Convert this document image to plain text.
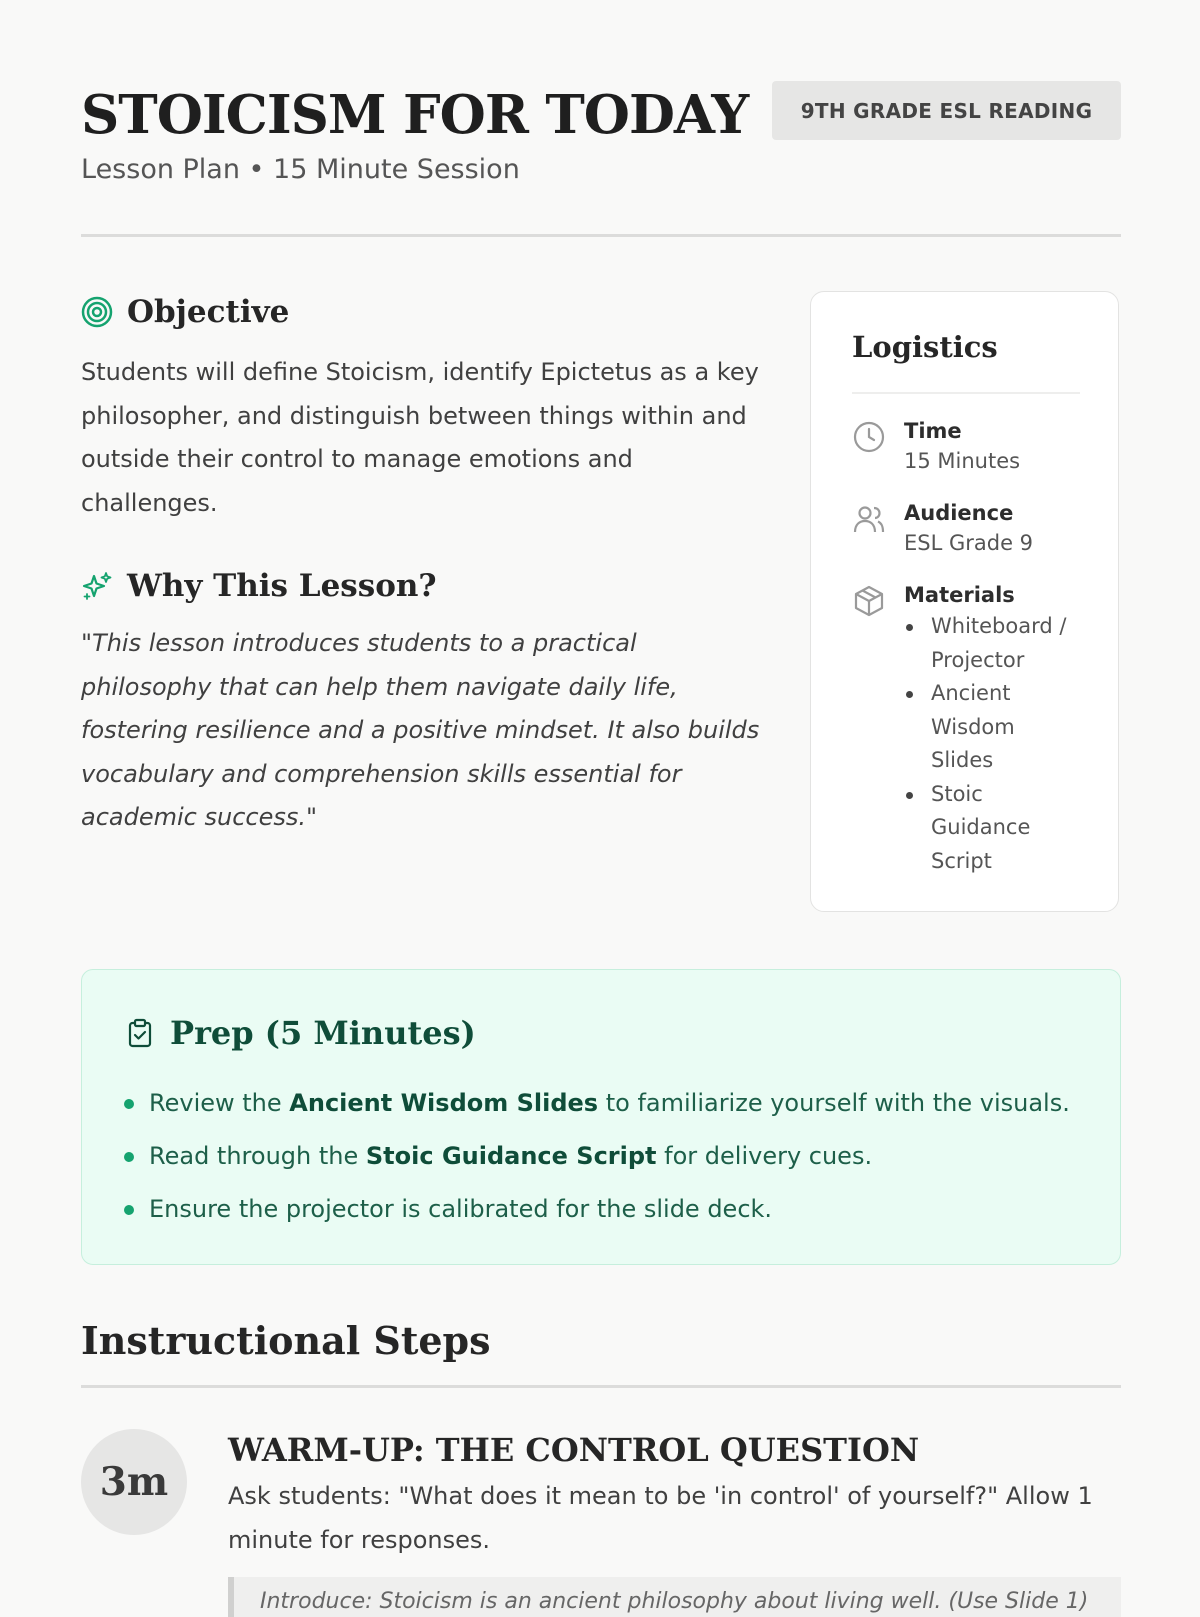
STOICISM FOR TODAY
Lesson Plan • 15 Minute Session
9TH GRADE ESL READING
Objective

Students will define Stoicism, identify Epictetus as a key philosopher, and distinguish between things within and outside their control to manage emotions and challenges.

Why This Lesson?

"This lesson introduces students to a practical philosophy that can help them navigate daily life, fostering resilience and a positive mindset. It also builds vocabulary and comprehension skills essential for academic success."

Logistics
Time
15 Minutes
Audience
ESL Grade 9
Materials
Whiteboard / Projector
Ancient Wisdom Slides
Stoic Guidance Script
Prep (5 Minutes)
Review the Ancient Wisdom Slides to familiarize yourself with the visuals.
Read through the Stoic Guidance Script for delivery cues.
Ensure the projector is calibrated for the slide deck.
Instructional Steps
3m
WARM-UP: THE CONTROL QUESTION

Ask students: "What does it mean to be 'in control' of yourself?" Allow 1 minute for responses.

Introduce: Stoicism is an ancient philosophy about living well. (Use Slide 1)
